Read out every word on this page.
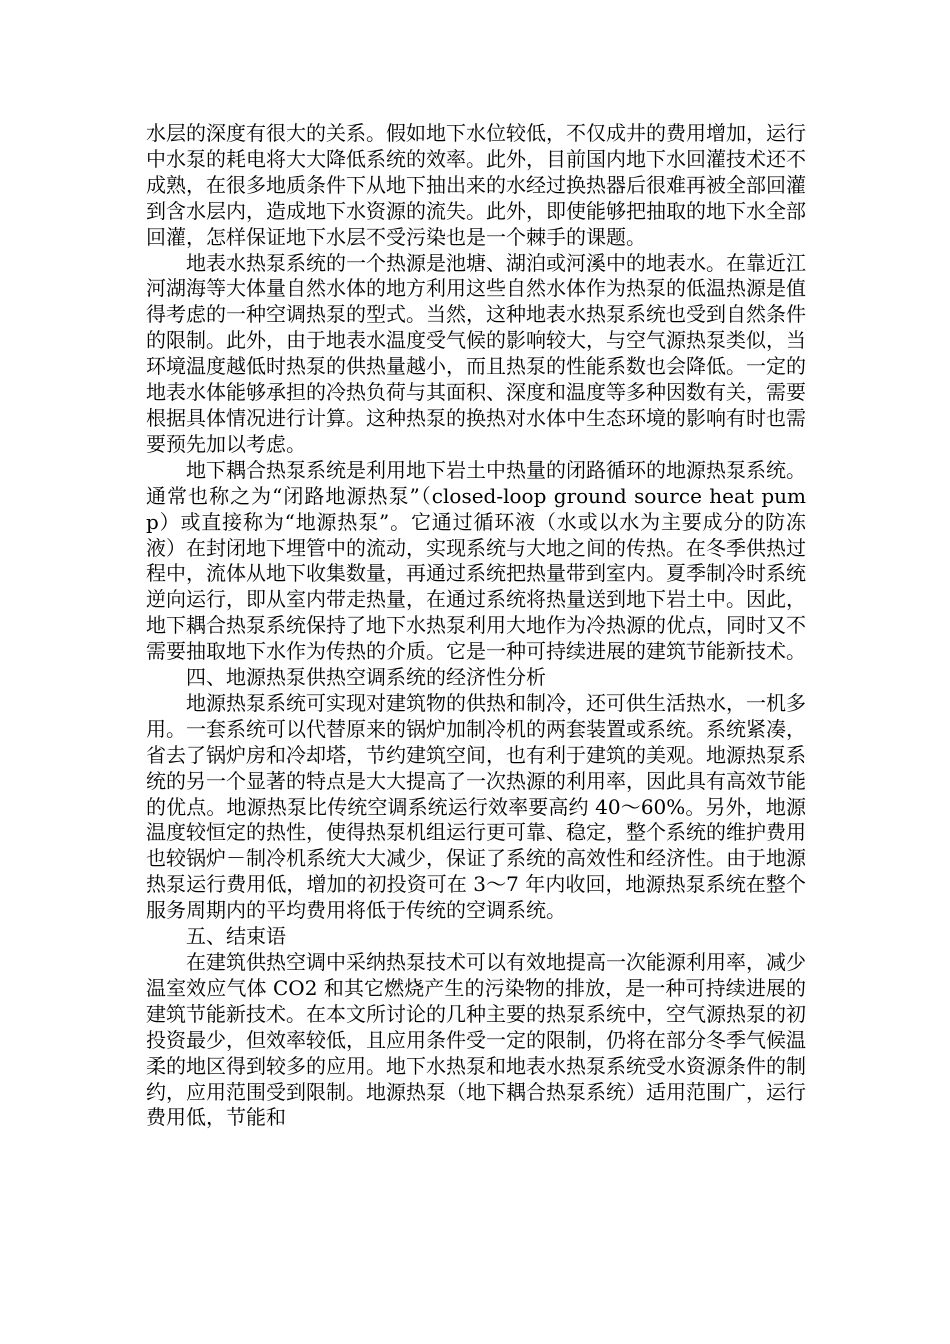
水层的深度有很大的关系。假如地下水位较低，不仅成井的费用增加，运行中水泵的耗电将大大降低系统的效率。此外，目前国内地下水回灌技术还不成熟，在很多地质条件下从地下抽出来的水经过换热器后很难再被全部回灌到含水层内，造成地下水资源的流失。此外，即使能够把抽取的地下水全部回灌，怎样保证地下水层不受污染也是一个棘手的课题。

地表水热泵系统的一个热源是池塘、湖泊或河溪中的地表水。在靠近江河湖海等大体量自然水体的地方利用这些自然水体作为热泵的低温热源是值得考虑的一种空调热泵的型式。当然，这种地表水热泵系统也受到自然条件的限制。此外，由于地表水温度受气候的影响较大，与空气源热泵类似，当环境温度越低时热泵的供热量越小，而且热泵的性能系数也会降低。一定的地表水体能够承担的冷热负荷与其面积、深度和温度等多种因数有关，需要根据具体情况进行计算。这种热泵的换热对水体中生态环境的影响有时也需要预先加以考虑。

地下耦合热泵系统是利用地下岩土中热量的闭路循环的地源热泵系统。通常也称之为“闭路地源热泵”（closed-loop ground source heat pump）或直接称为“地源热泵”。它通过循环液（水或以水为主要成分的防冻液）在封闭地下埋管中的流动，实现系统与大地之间的传热。在冬季供热过程中，流体从地下收集数量，再通过系统把热量带到室内。夏季制冷时系统逆向运行，即从室内带走热量，在通过系统将热量送到地下岩土中。因此，地下耦合热泵系统保持了地下水热泵利用大地作为冷热源的优点，同时又不需要抽取地下水作为传热的介质。它是一种可持续进展的建筑节能新技术。

四、地源热泵供热空调系统的经济性分析

地源热泵系统可实现对建筑物的供热和制冷，还可供生活热水，一机多用。一套系统可以代替原来的锅炉加制冷机的两套装置或系统。系统紧凑，省去了锅炉房和冷却塔，节约建筑空间，也有利于建筑的美观。地源热泵系统的另一个显著的特点是大大提高了一次热源的利用率，因此具有高效节能的优点。地源热泵比传统空调系统运行效率要高约 40～60%。另外，地源温度较恒定的热性，使得热泵机组运行更可靠、稳定，整个系统的维护费用也较锅炉－制冷机系统大大减少，保证了系统的高效性和经济性。由于地源热泵运行费用低，增加的初投资可在 3～7 年内收回，地源热泵系统在整个服务周期内的平均费用将低于传统的空调系统。

五、结束语

在建筑供热空调中采纳热泵技术可以有效地提高一次能源利用率，减少温室效应气体 CO2 和其它燃烧产生的污染物的排放，是一种可持续进展的建筑节能新技术。在本文所讨论的几种主要的热泵系统中，空气源热泵的初投资最少，但效率较低，且应用条件受一定的限制，仍将在部分冬季气候温柔的地区得到较多的应用。地下水热泵和地表水热泵系统受水资源条件的制约，应用范围受到限制。地源热泵（地下耦合热泵系统）适用范围广，运行费用低，节能和
